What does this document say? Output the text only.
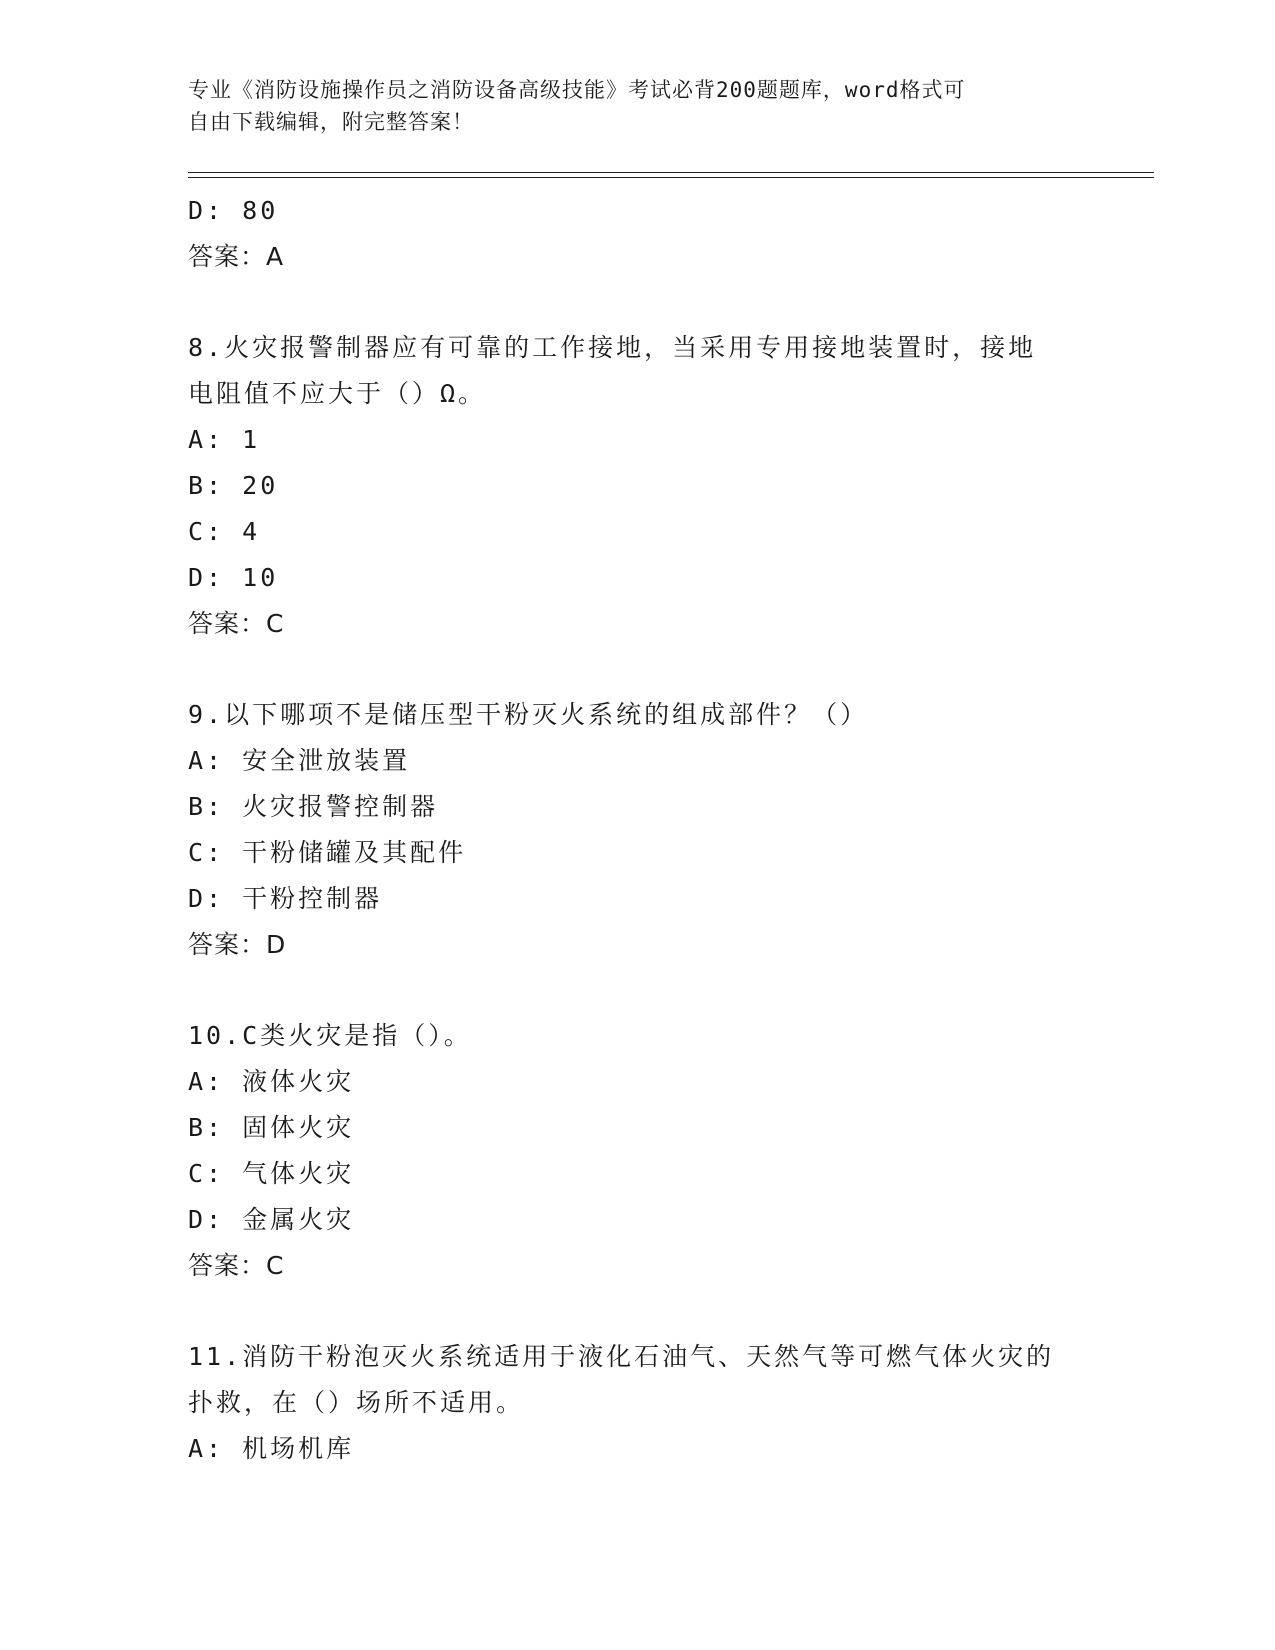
专业《消防设施操作员之消防设备高级技能》考试必背200题题库，word格式可
自由下载编辑，附完整答案！
D: 80
答案：A
8.火灾报警制器应有可靠的工作接地，当采用专用接地装置时，接地
电阻值不应大于（）Ω。
A: 1
B: 20
C: 4
D: 10
答案：C
9.以下哪项不是储压型干粉灭火系统的组成部件？（）
A: 安全泄放装置
B: 火灾报警控制器
C: 干粉储罐及其配件
D: 干粉控制器
答案：D
10.C类火灾是指（）。
A: 液体火灾
B: 固体火灾
C: 气体火灾
D: 金属火灾
答案：C
11.消防干粉泡灭火系统适用于液化石油气、天然气等可燃气体火灾的
扑救，在（）场所不适用。
A: 机场机库
